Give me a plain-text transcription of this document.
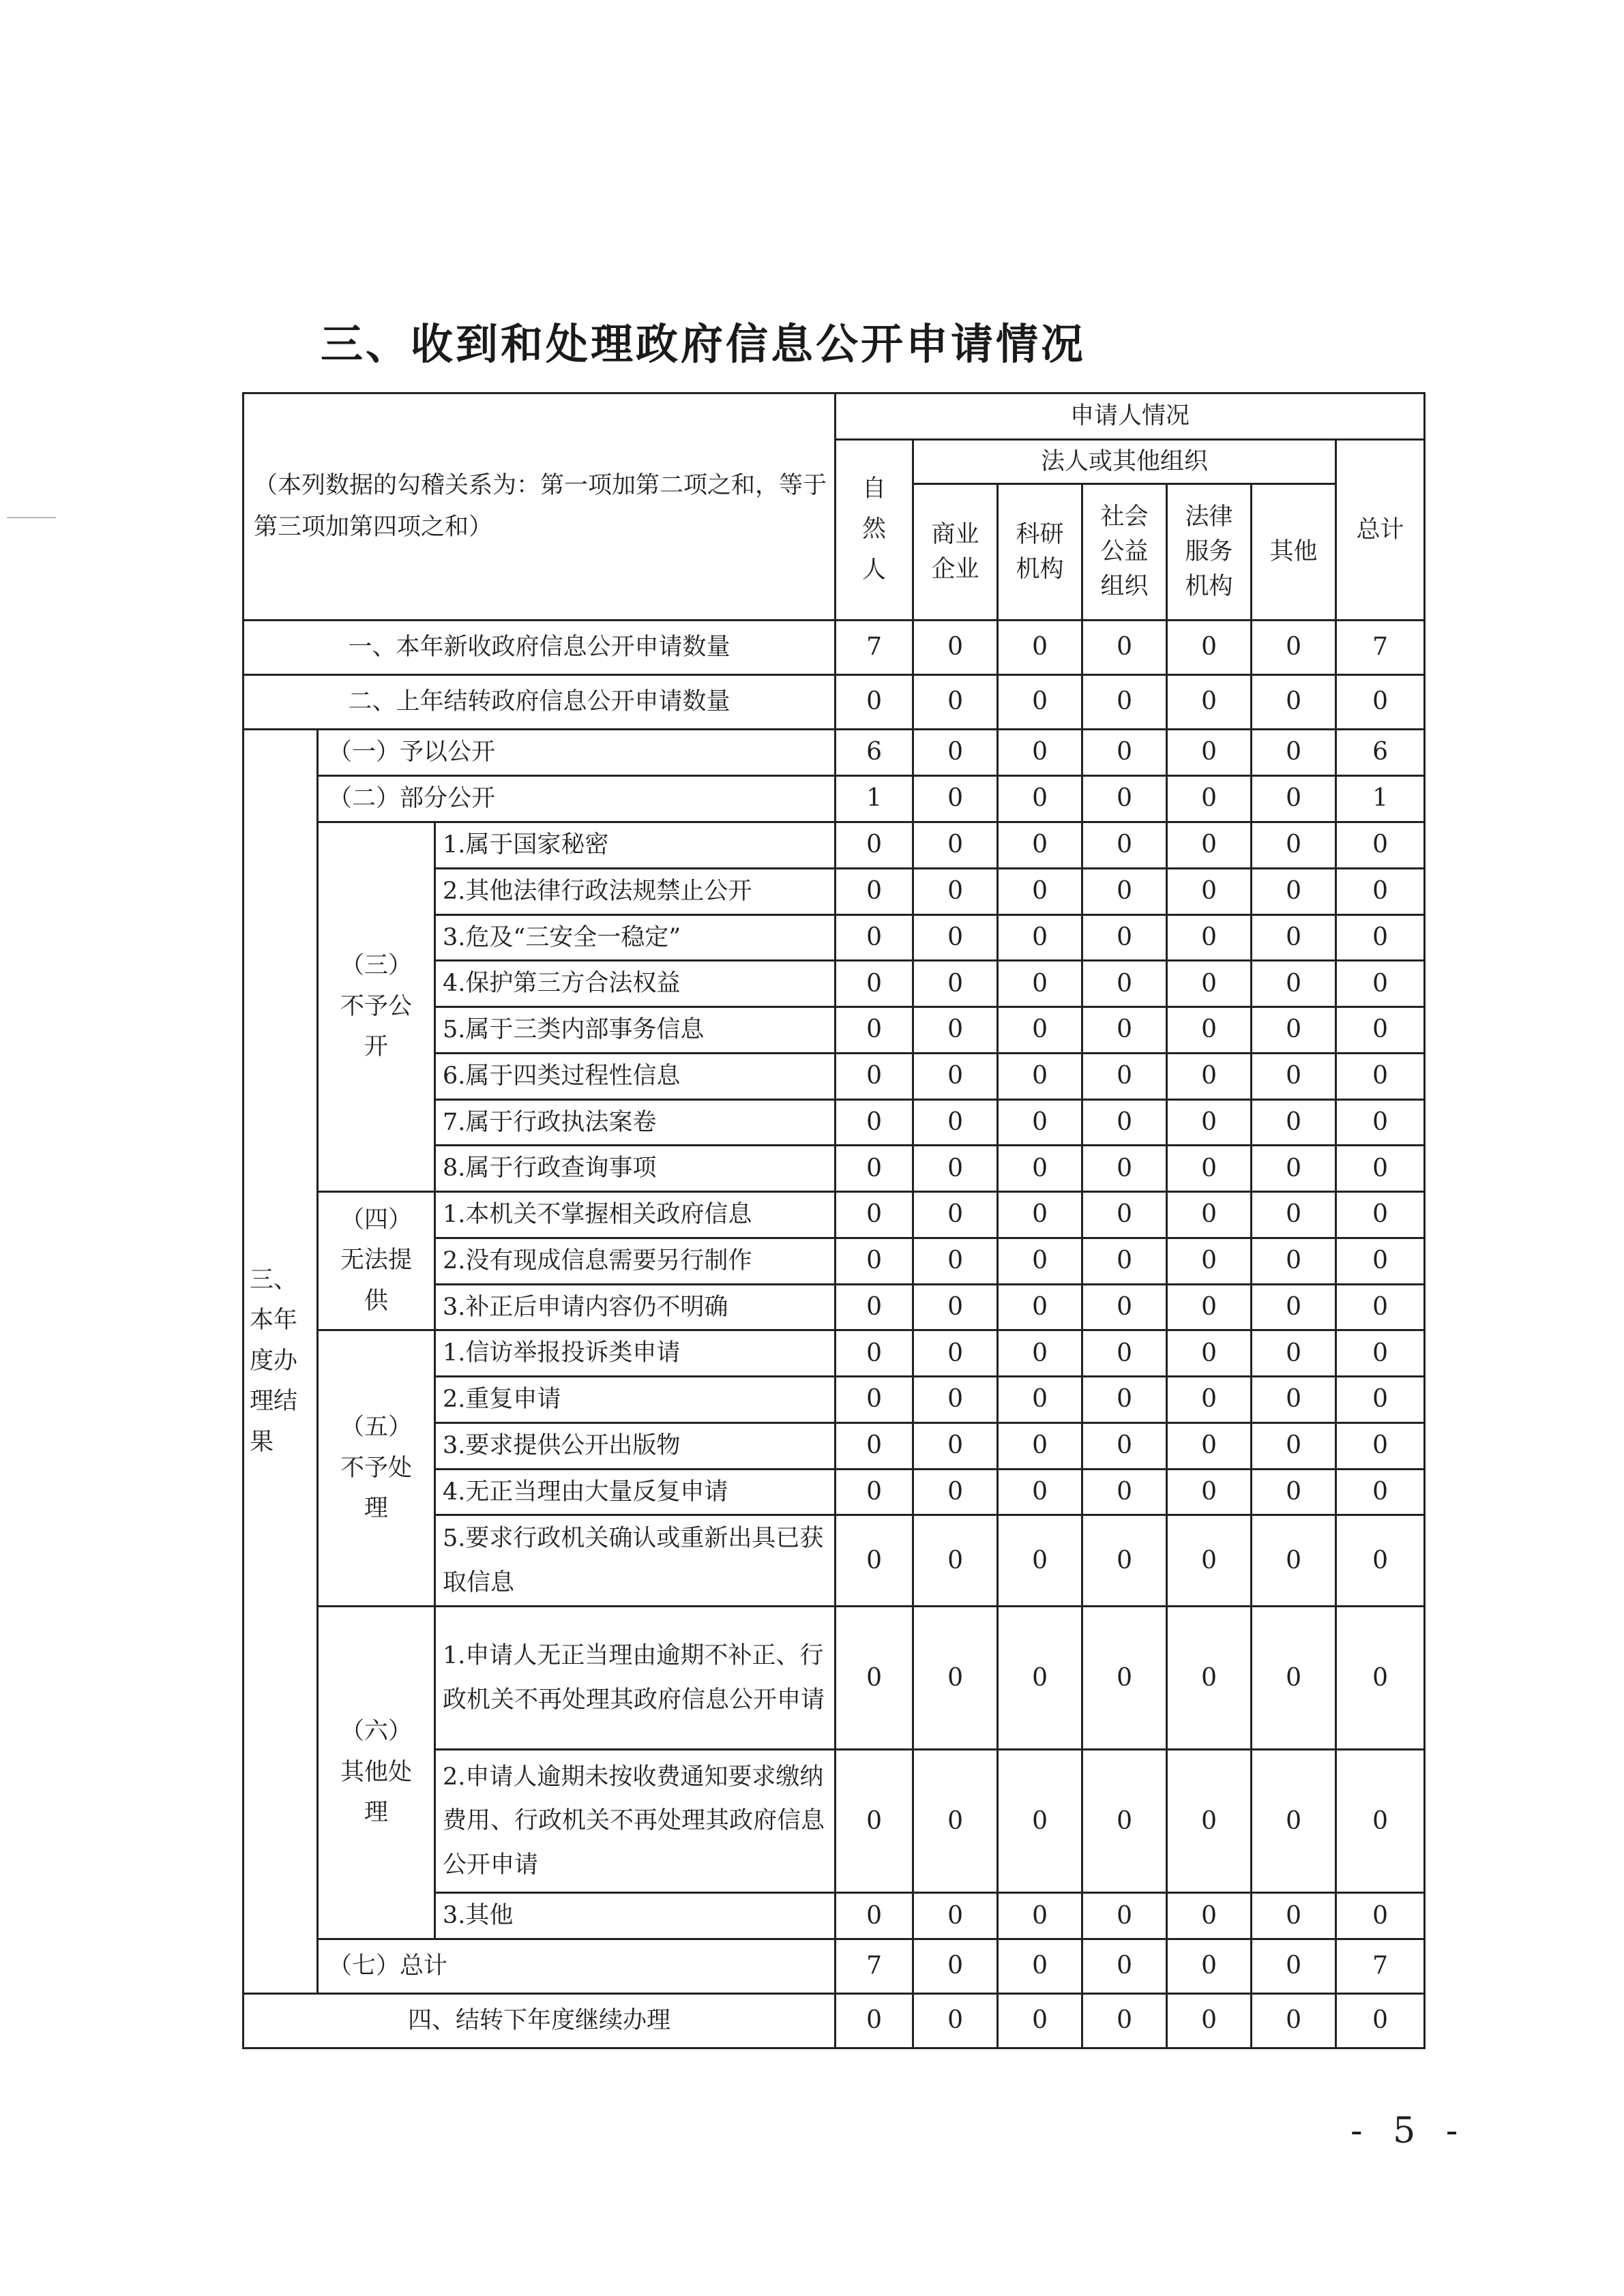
三、收到和处理政府信息公开申请情况
（本列数据的勾稽关系为：第一项加第二项之和，等于第三项加第四项之和）			申请人情况						

			自然人	法人或其他组织					总计

				商业企业	科研机构	社会公益组织	法律服务机构	其他	
一、本年新收政府信息公开申请数量			7	0	0	0	0	0	7
二、上年结转政府信息公开申请数量			0	0	0	0	0	0	0

三、本年度办理结果	（一）予以公开		6	0	0	0	0	0	6
	（二）部分公开		1	0	0	0	0	0	1

	（三）不予公开	1.属于国家秘密	0	0	0	0	0	0	0
		2.其他法律行政法规禁止公开	0	0	0	0	0	0	0
		3.危及“三安全一稳定”	0	0	0	0	0	0	0
		4.保护第三方合法权益	0	0	0	0	0	0	0
		5.属于三类内部事务信息	0	0	0	0	0	0	0
		6.属于四类过程性信息	0	0	0	0	0	0	0
		7.属于行政执法案卷	0	0	0	0	0	0	0
		8.属于行政查询事项	0	0	0	0	0	0	0

	（四）无法提供	1.本机关不掌握相关政府信息	0	0	0	0	0	0	0
		2.没有现成信息需要另行制作	0	0	0	0	0	0	0
		3.补正后申请内容仍不明确	0	0	0	0	0	0	0

	（五）不予处理	1.信访举报投诉类申请	0	0	0	0	0	0	0
		2.重复申请	0	0	0	0	0	0	0
		3.要求提供公开出版物	0	0	0	0	0	0	0
		4.无正当理由大量反复申请	0	0	0	0	0	0	0
		5.要求行政机关确认或重新出具已获取信息	0	0	0	0	0	0	0

	（六）其他处理	1.申请人无正当理由逾期不补正、行政机关不再处理其政府信息公开申请	0	0	0	0	0	0	0
		2.申请人逾期未按收费通知要求缴纳费用、行政机关不再处理其政府信息公开申请	0	0	0	0	0	0	0
		3.其他	0	0	0	0	0	0	0
	（七）总计		7	0	0	0	0	0	7
四、结转下年度继续办理			0	0	0	0	0	0	0
- 5 -
